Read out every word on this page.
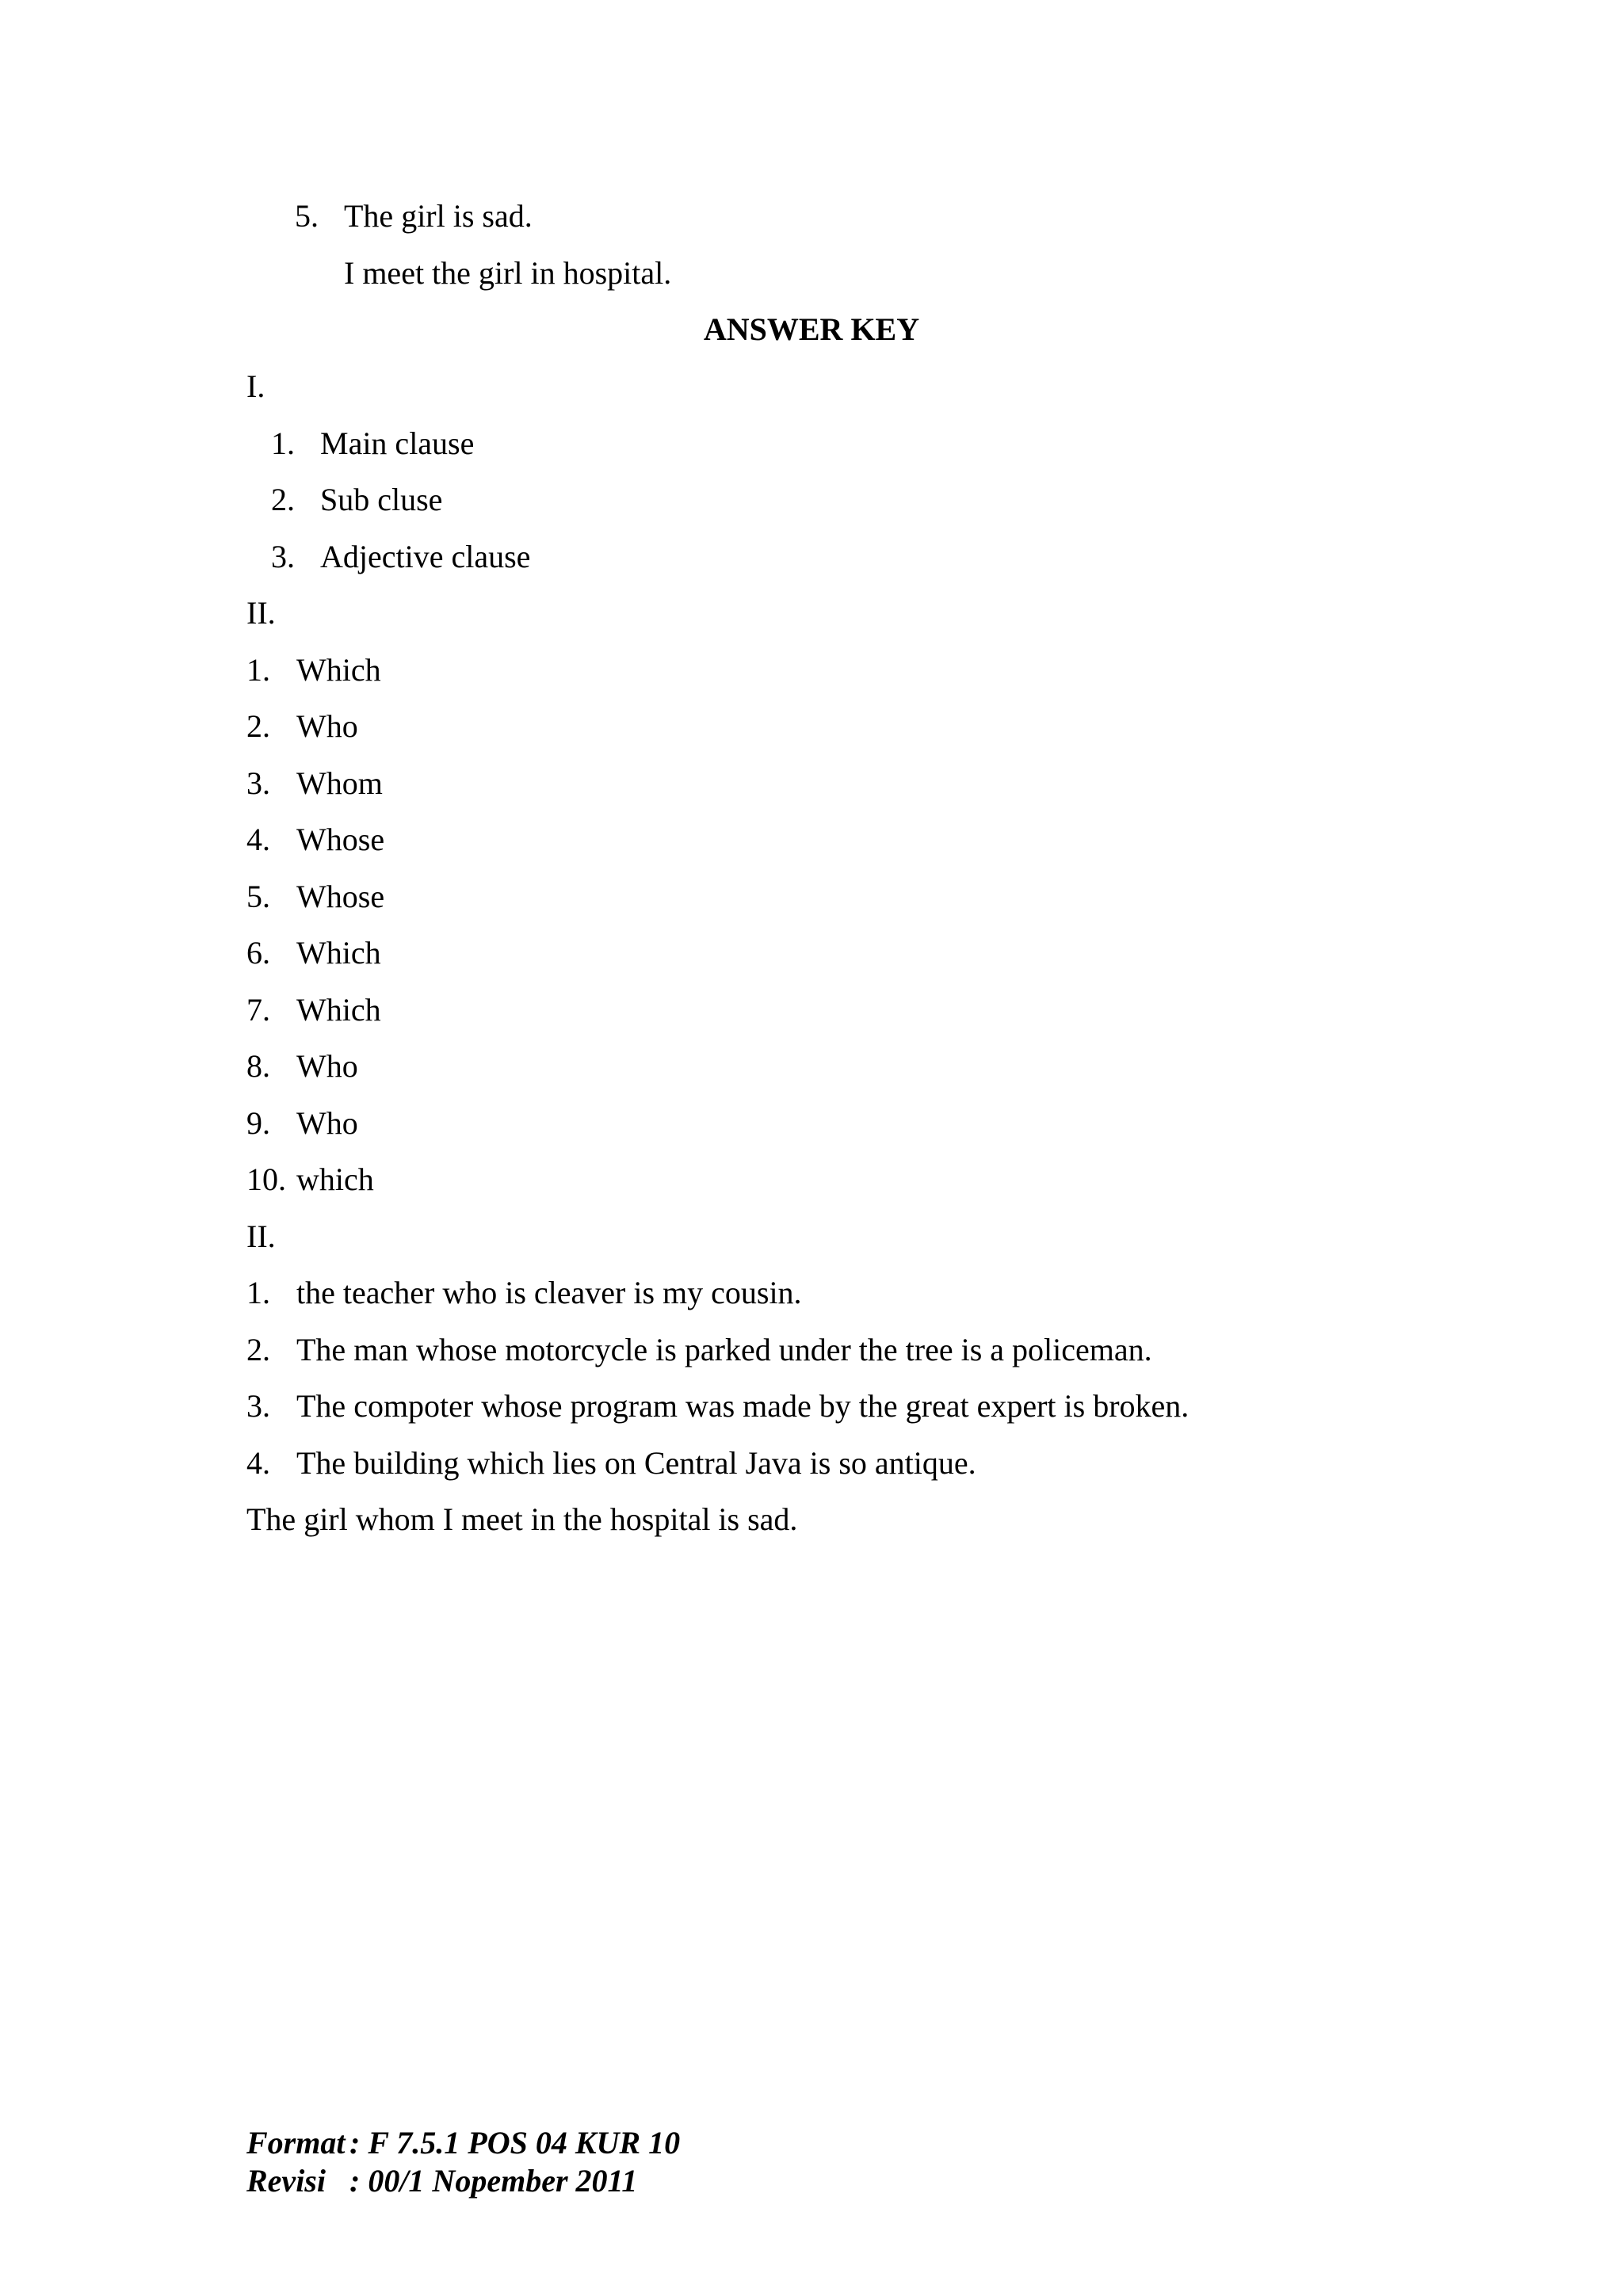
5. The girl is sad.
I meet the girl in hospital.
ANSWER KEY
I.
1. Main clause
2. Sub cluse
3. Adjective clause
II.
1. Which
2. Who
3. Whom
4. Whose
5. Whose
6. Which
7. Which
8. Who
9. Who
10. which
II.
1. the teacher who is cleaver is my cousin.
2. The man whose motorcycle is parked under the tree is a policeman.
3. The compoter whose program was made by the great expert is broken.
4. The building which lies on Central Java is so antique.
The girl whom I meet in the hospital is sad.
Format : F 7.5.1 POS 04 KUR 10
Revisi : 00/1 Nopember 2011
